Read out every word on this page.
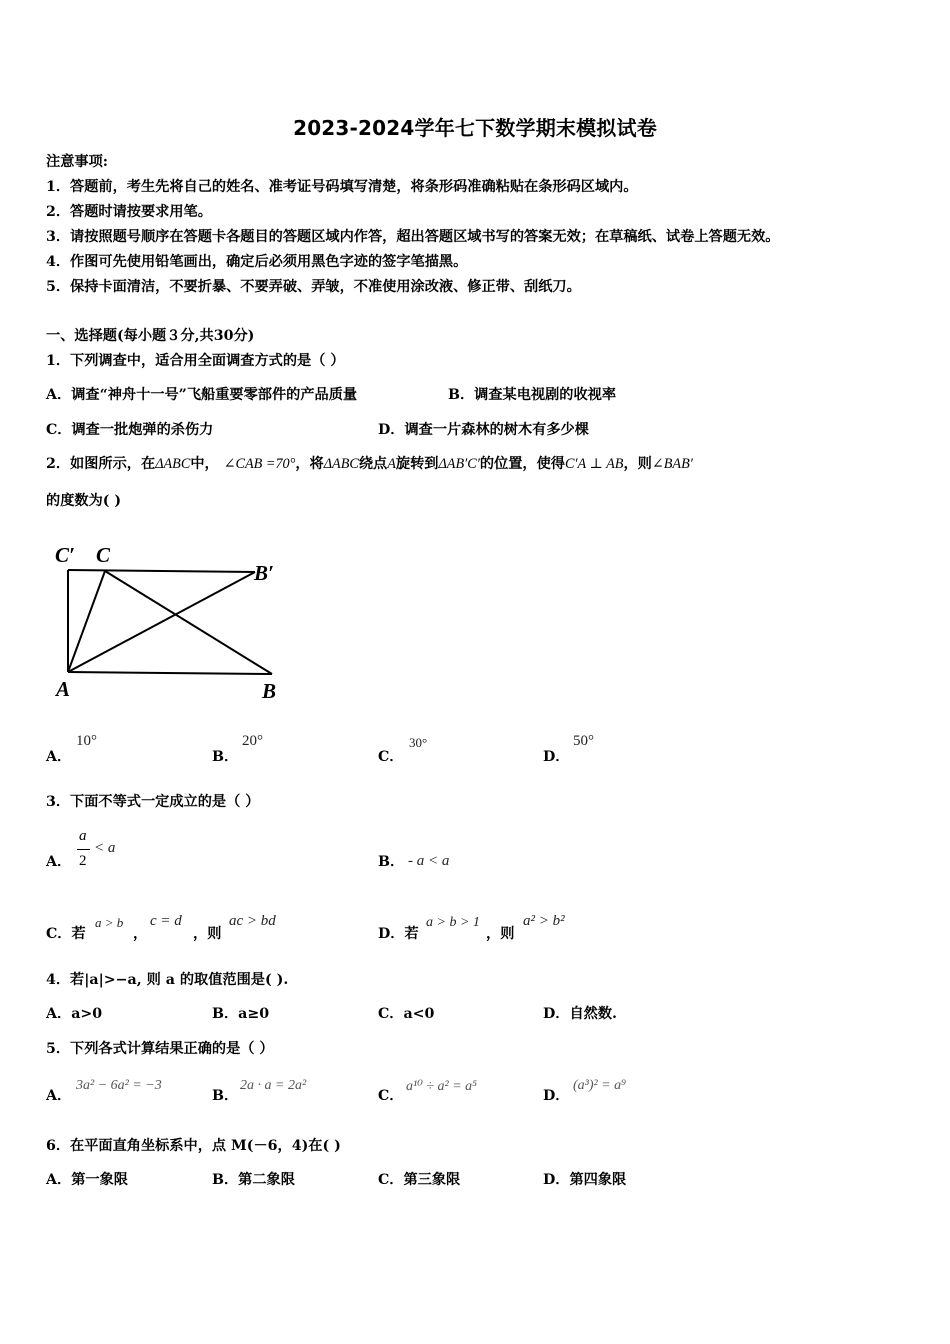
2023-2024学年七下数学期末模拟试卷
注意事项:
1．答题前，考生先将自己的姓名、准考证号码填写清楚，将条形码准确粘贴在条形码区域内。
2．答题时请按要求用笔。
3．请按照题号顺序在答题卡各题目的答题区域内作答，超出答题区域书写的答案无效；在草稿纸、试卷上答题无效。
4．作图可先使用铅笔画出，确定后必须用黑色字迹的签字笔描黑。
5．保持卡面清洁，不要折暴、不要弄破、弄皱，不准使用涂改液、修正带、刮纸刀。
一、选择题(每小题３分,共30分)
1．下列调查中，适合用全面调查方式的是（ ）
A．调查“神舟十一号”飞船重要零部件的产品质量	B．调查某电视剧的收视率
C．调查一批炮弹的杀伤力	D．调查一片森林的树木有多少棵
2．如图所示，在ΔABC中， ∠CAB =70°，将ΔABC绕点A旋转到ΔAB′C′的位置，使得C′A ⊥ AB，则∠BAB′
的度数为( )
C′ C
B′
A	B
A．
10°
B．
20°
C．
30°
D．
50°
3．下面不等式一定成立的是（ ）
A．
a
2
< a
B． - a < a
C．若
a > b
，
c = d
，则
ac > bd
D．若
a > b > 1
，则
a² > b²
4．若|a|>−a, 则 a 的取值范围是( ).
A．a>0	B．a≥0	C．a<0	D．自然数.
5．下列各式计算结果正确的是（ ）
A．
3a² − 6a² = −3
B．
2a · a = 2a²
C．
a¹⁰ ÷ a² = a⁵
D．
(a³)² = a⁹
6．在平面直角坐标系中，点 M(－6，4)在( )
A．第一象限	B．第二象限	C．第三象限	D．第四象限
